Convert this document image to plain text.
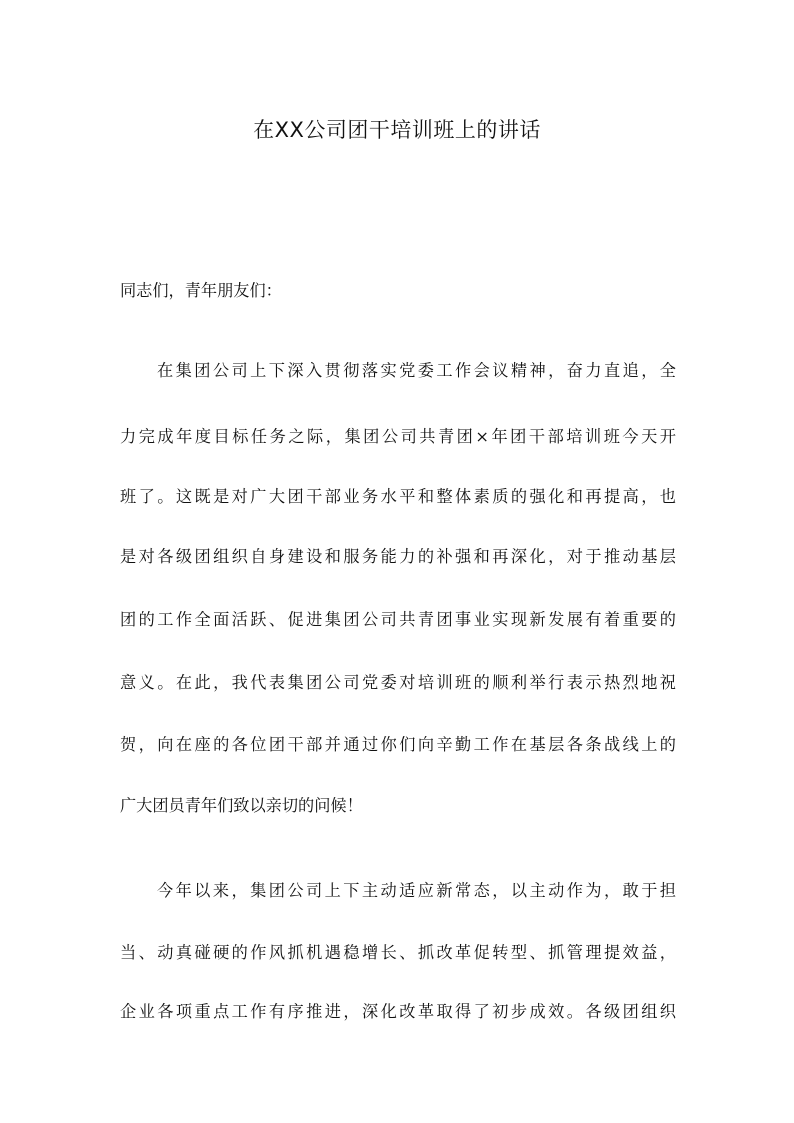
在XX公司团干培训班上的讲话
同志们，青年朋友们：
在集团公司上下深入贯彻落实党委工作会议精神，奋力直追，全
力完成年度目标任务之际，集团公司共青团×年团干部培训班今天开
班了。这既是对广大团干部业务水平和整体素质的强化和再提高，也
是对各级团组织自身建设和服务能力的补强和再深化，对于推动基层
团的工作全面活跃、促进集团公司共青团事业实现新发展有着重要的
意义。在此，我代表集团公司党委对培训班的顺利举行表示热烈地祝
贺，向在座的各位团干部并通过你们向辛勤工作在基层各条战线上的
广大团员青年们致以亲切的问候！
今年以来，集团公司上下主动适应新常态，以主动作为，敢于担
当、动真碰硬的作风抓机遇稳增长、抓改革促转型、抓管理提效益，
企业各项重点工作有序推进，深化改革取得了初步成效。各级团组织
